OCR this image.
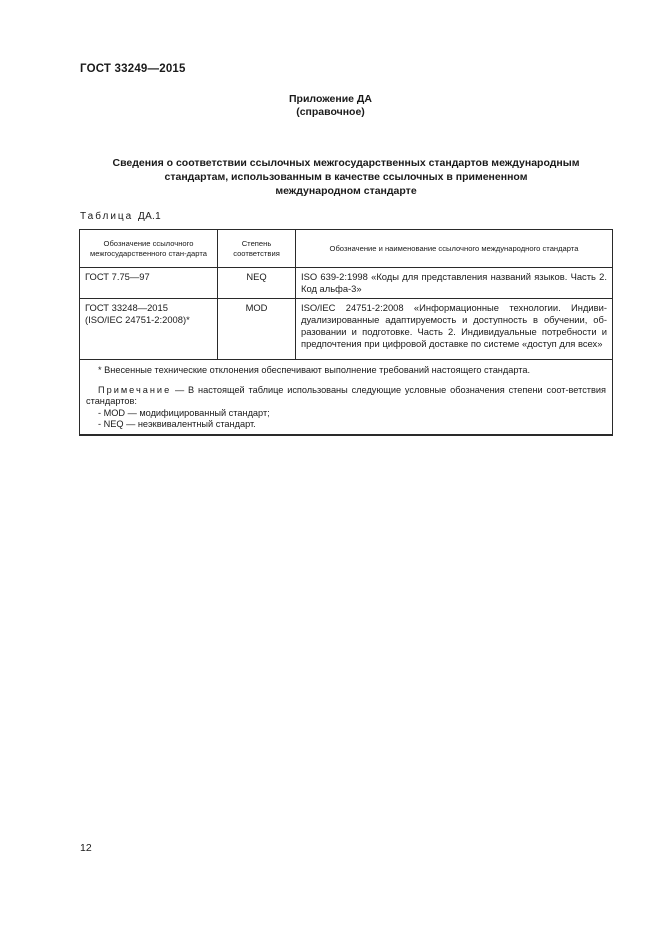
ГОСТ 33249—2015
Приложение ДА
(справочное)
Сведения о соответствии ссылочных межгосударственных стандартов международным
стандартам, использованным в качестве ссылочных в примененном
международном стандарте
Таблица ДА.1
Обозначение ссылочного межгосударственного стан-дарта	Степень соответствия	Обозначение и наименование ссылочного международного стандарта

ГОСТ 7.75—97	NEQ	ISO 639-2:1998 «Коды для представления названий языков. Часть 2. Код альфа-3»

ГОСТ 33248—2015
(ISO/IEC 24751-2:2008)*	MOD	ISO/IEC 24751-2:2008 «Информационные технологии. Индиви-дуализированные адаптируемость и доступность в обучении, об-разовании и подготовке. Часть 2. Индивидуальные потребности и предпочтения при цифровой доставке по системе «доступ для всех»

* Внесенные технические отклонения обеспечивают выполнение требований настоящего стандарта.
Примечание — В настоящей таблице использованы следующие условные обозначения степени соот-ветствия стандартов:
- MOD — модифицированный стандарт;
- NEQ — неэквивалентный стандарт.		
12
